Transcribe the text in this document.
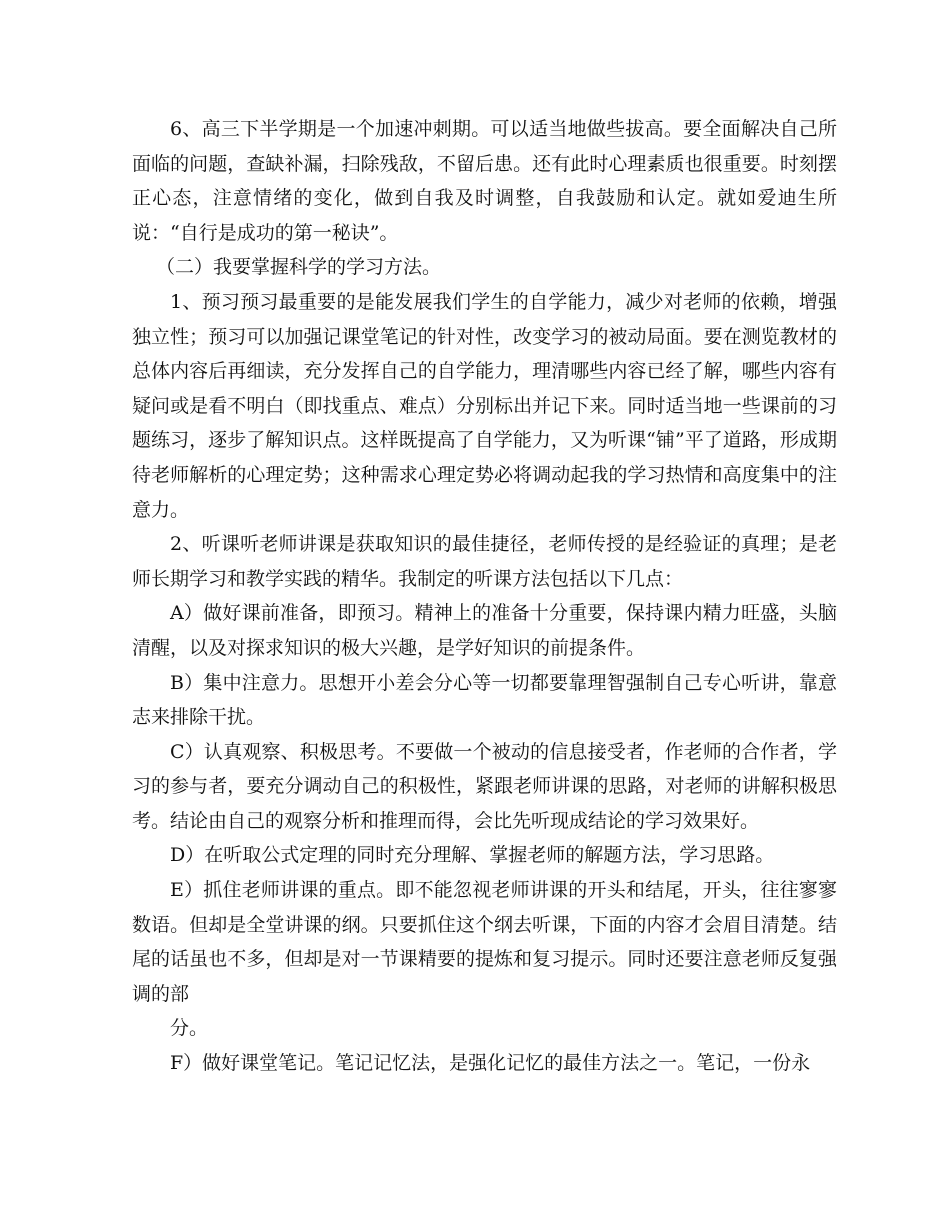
6、高三下半学期是一个加速冲刺期。可以适当地做些拔高。要全面解决自己所面临的问题，查缺补漏，扫除残敌，不留后患。还有此时心理素质也很重要。时刻摆正心态，注意情绪的变化，做到自我及时调整，自我鼓励和认定。就如爱迪生所说：“自行是成功的第一秘诀”。

（二）我要掌握科学的学习方法。

1、预习预习最重要的是能发展我们学生的自学能力，减少对老师的依赖，增强独立性；预习可以加强记课堂笔记的针对性，改变学习的被动局面。要在测览教材的总体内容后再细读，充分发挥自己的自学能力，理清哪些内容已经了解，哪些内容有疑问或是看不明白（即找重点、难点）分别标出并记下来。同时适当地一些课前的习题练习，逐步了解知识点。这样既提高了自学能力，又为听课“铺”平了道路，形成期待老师解析的心理定势；这种需求心理定势必将调动起我的学习热情和高度集中的注意力。

2、听课听老师讲课是获取知识的最佳捷径，老师传授的是经验证的真理；是老师长期学习和教学实践的精华。我制定的听课方法包括以下几点：

A）做好课前准备，即预习。精神上的准备十分重要，保持课内精力旺盛，头脑清醒，以及对探求知识的极大兴趣，是学好知识的前提条件。

B）集中注意力。思想开小差会分心等一切都要靠理智强制自己专心听讲，靠意志来排除干扰。

C）认真观察、积极思考。不要做一个被动的信息接受者，作老师的合作者，学习的参与者，要充分调动自己的积极性，紧跟老师讲课的思路，对老师的讲解积极思考。结论由自己的观察分析和推理而得，会比先听现成结论的学习效果好。

D）在听取公式定理的同时充分理解、掌握老师的解题方法，学习思路。

E）抓住老师讲课的重点。即不能忽视老师讲课的开头和结尾，开头，往往寥寥数语。但却是全堂讲课的纲。只要抓住这个纲去听课，下面的内容才会眉目清楚。结尾的话虽也不多，但却是对一节课精要的提炼和复习提示。同时还要注意老师反复强调的部

分。

F）做好课堂笔记。笔记记忆法，是强化记忆的最佳方法之一。笔记，一份永
